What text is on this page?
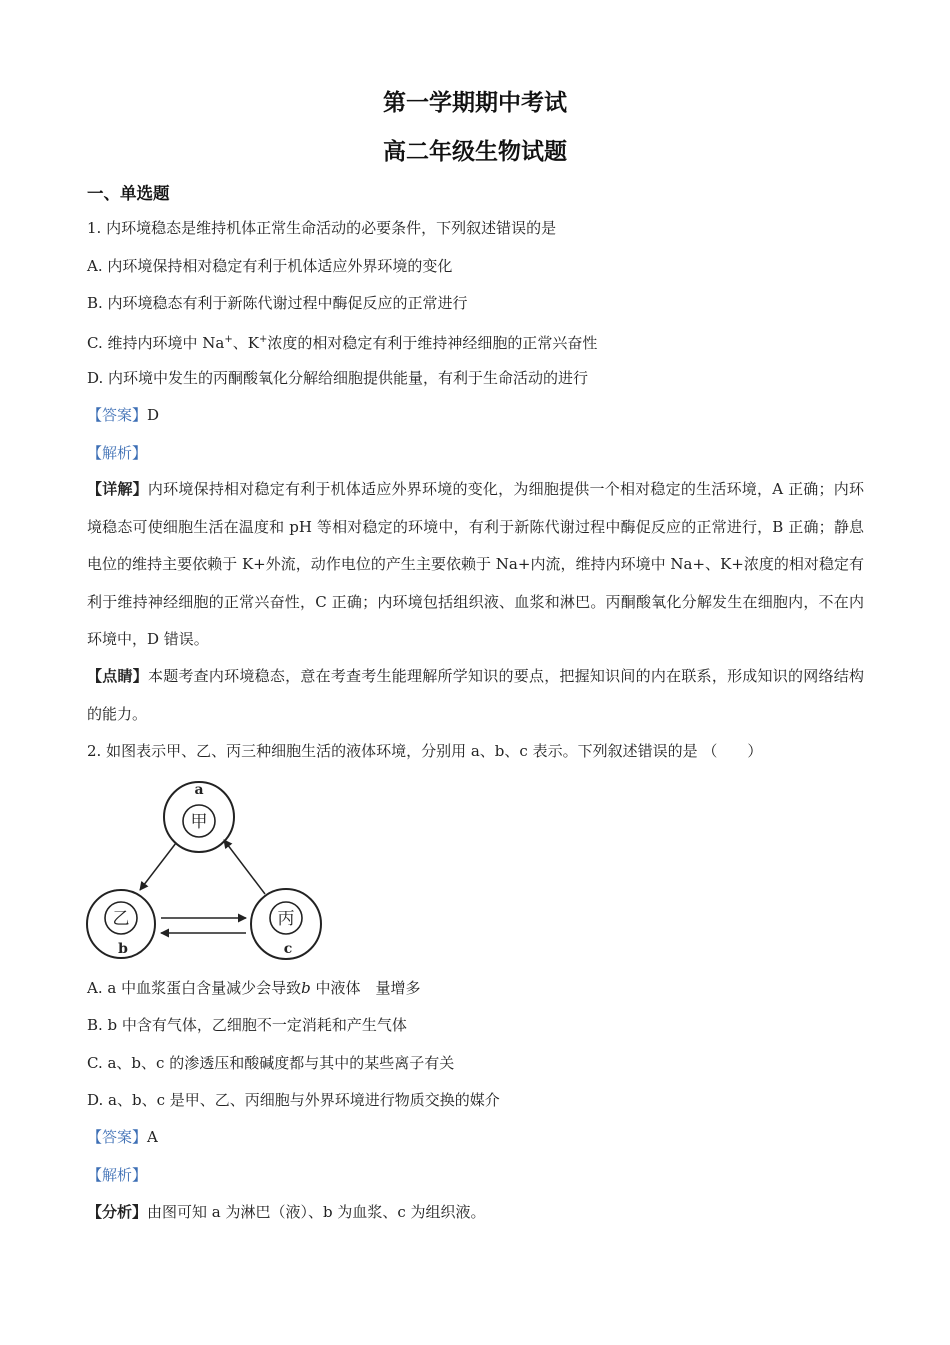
第一学期期中考试
高二年级生物试题
一、单选题
1. 内环境稳态是维持机体正常生命活动的必要条件，下列叙述错误的是
A. 内环境保持相对稳定有利于机体适应外界环境的变化
B. 内环境稳态有利于新陈代谢过程中酶促反应的正常进行
C. 维持内环境中 Na+、K+浓度的相对稳定有利于维持神经细胞的正常兴奋性
D. 内环境中发生的丙酮酸氧化分解给细胞提供能量，有利于生命活动的进行
【答案】D
【解析】
【详解】内环境保持相对稳定有利于机体适应外界环境的变化，为细胞提供一个相对稳定的生活环境，A 正确；内环境稳态可使细胞生活在温度和 pH 等相对稳定的环境中，有利于新陈代谢过程中酶促反应的正常进行，B 正确；静息电位的维持主要依赖于 K+外流，动作电位的产生主要依赖于 Na+内流，维持内环境中 Na+、K+浓度的相对稳定有利于维持神经细胞的正常兴奋性，C 正确；内环境包括组织液、血浆和淋巴。丙酮酸氧化分解发生在细胞内，不在内环境中，D 错误。
【点睛】本题考查内环境稳态，意在考查考生能理解所学知识的要点，把握知识间的内在联系，形成知识的网络结构的能力。
2. 如图表示甲、乙、丙三种细胞生活的液体环境，分别用 a、b、c 表示。下列叙述错误的是 （　　）
甲
a
乙
b
丙
c
A. a 中血浆蛋白含量减少会导致b 中液体　量增多
B. b 中含有气体，乙细胞不一定消耗和产生气体
C. a、b、c 的渗透压和酸碱度都与其中的某些离子有关
D. a、b、c 是甲、乙、丙细胞与外界环境进行物质交换的媒介
【答案】A
【解析】
【分析】由图可知 a 为淋巴（液）、b 为血浆、c 为组织液。
